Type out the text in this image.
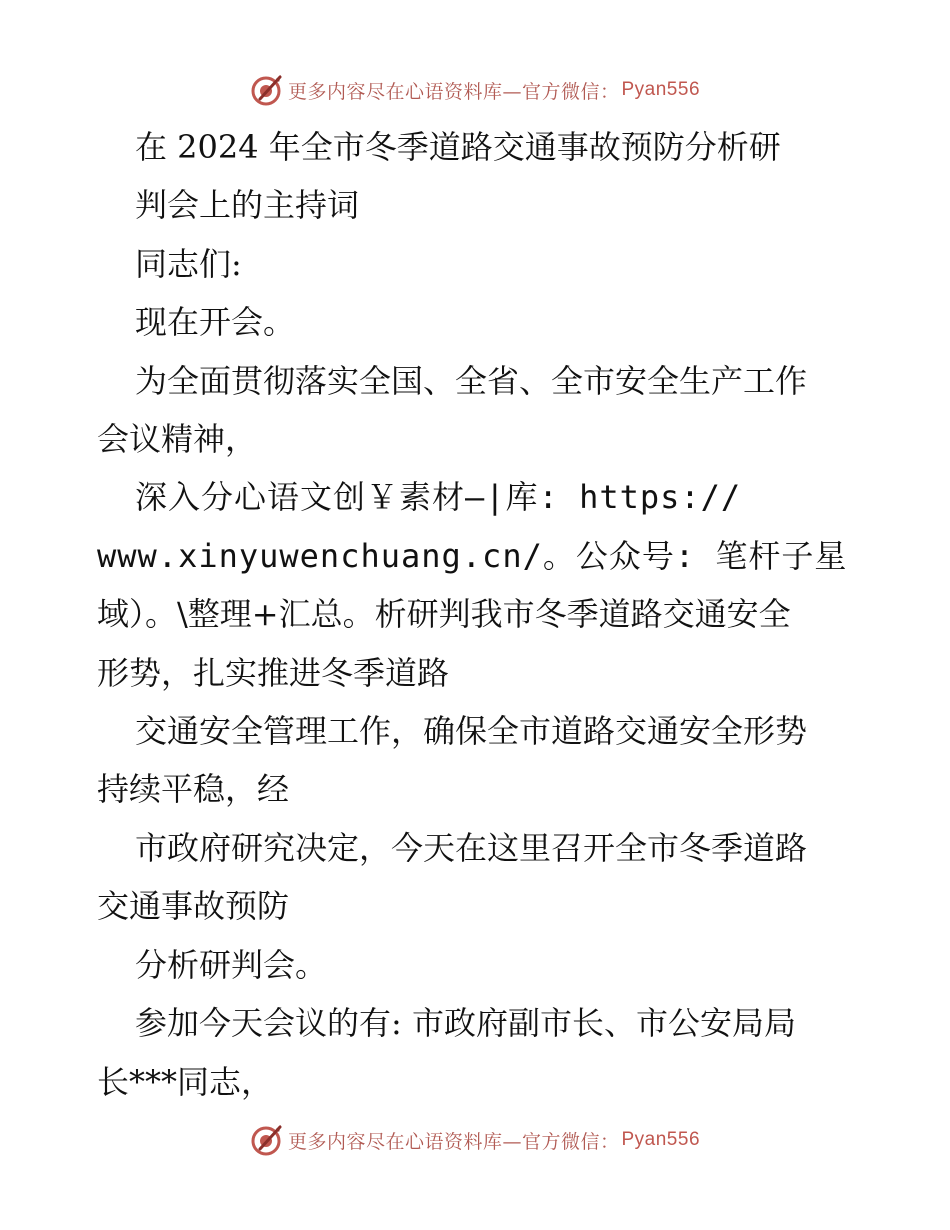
更多内容尽在心语资料库—官方微信： Pyan556

在 2024 年全市冬季道路交通事故预防分析研

判会上的主持词

同志们:

现在开会。

为全面贯彻落实全国、全省、全市安全生产工作

会议精神，

深入分心语文创￥素材—|库: https://

www.xinyuwenchuang.cn/。公众号: 笔杆子星

域）。\整理+汇总。析研判我市冬季道路交通安全

形势，扎实推进冬季道路

交通安全管理工作，确保全市道路交通安全形势

持续平稳，经

市政府研究决定，今天在这里召开全市冬季道路

交通事故预防

分析研判会。

参加今天会议的有: 市政府副市长、市公安局局

长***同志，

更多内容尽在心语资料库—官方微信： Pyan556
